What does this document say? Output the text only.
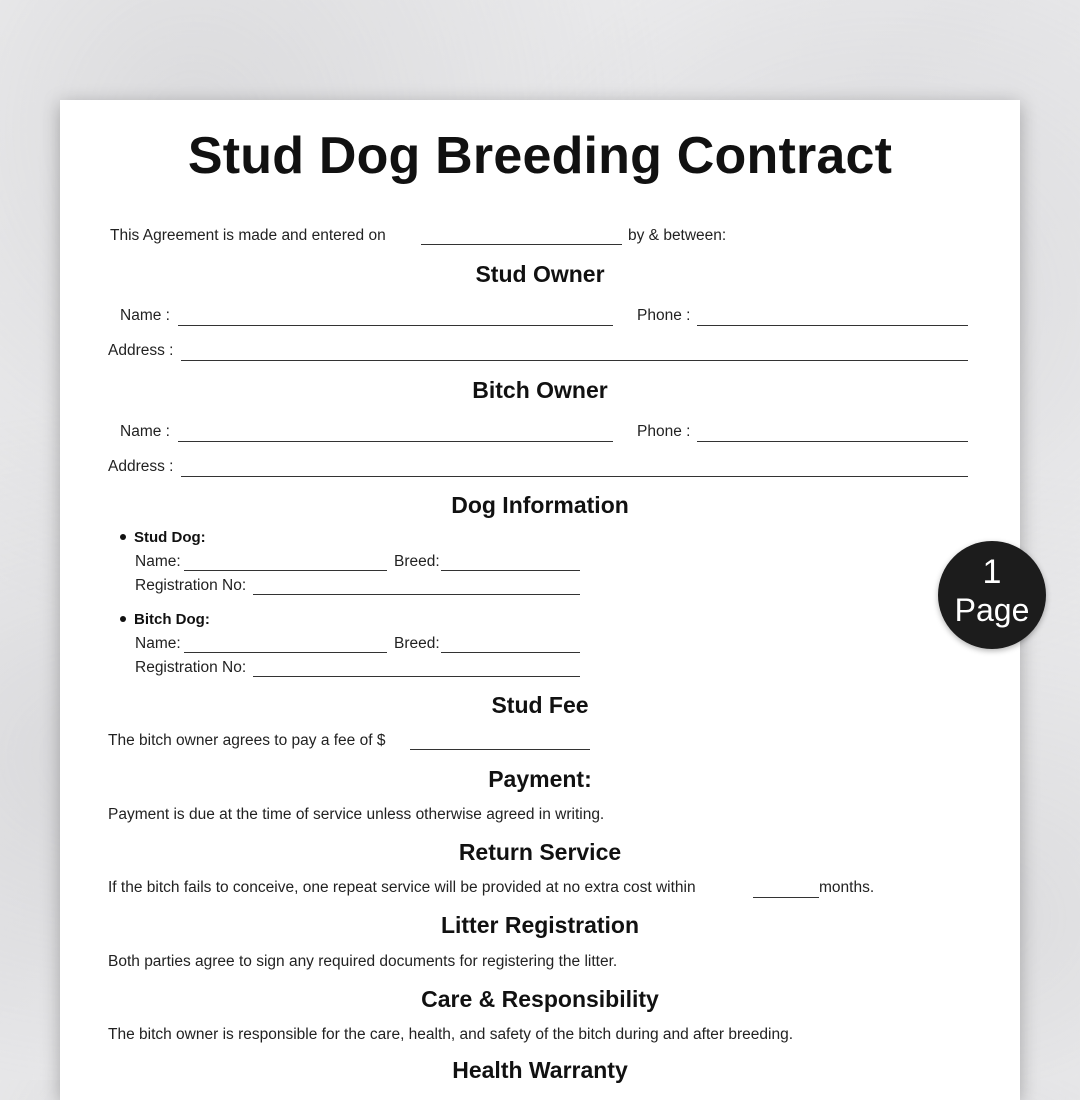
Stud Dog Breeding Contract
This Agreement is made and entered on	by & between:
Stud Owner
Name :	Phone :
Address :
Bitch Owner
Name :	Phone :
Address :
Dog Information
Stud Dog:
Name:	Breed:
Registration No:
Bitch Dog:
Name:	Breed:
Registration No:
Stud Fee
The bitch owner agrees to pay a fee of $
Payment:
Payment is due at the time of service unless otherwise agreed in writing.
Return Service
If the bitch fails to conceive, one repeat service will be provided at no extra cost within	months.
Litter Registration
Both parties agree to sign any required documents for registering the litter.
Care & Responsibility
The bitch owner is responsible for the care, health, and safety of the bitch during and after breeding.
Health Warranty
1
Page
